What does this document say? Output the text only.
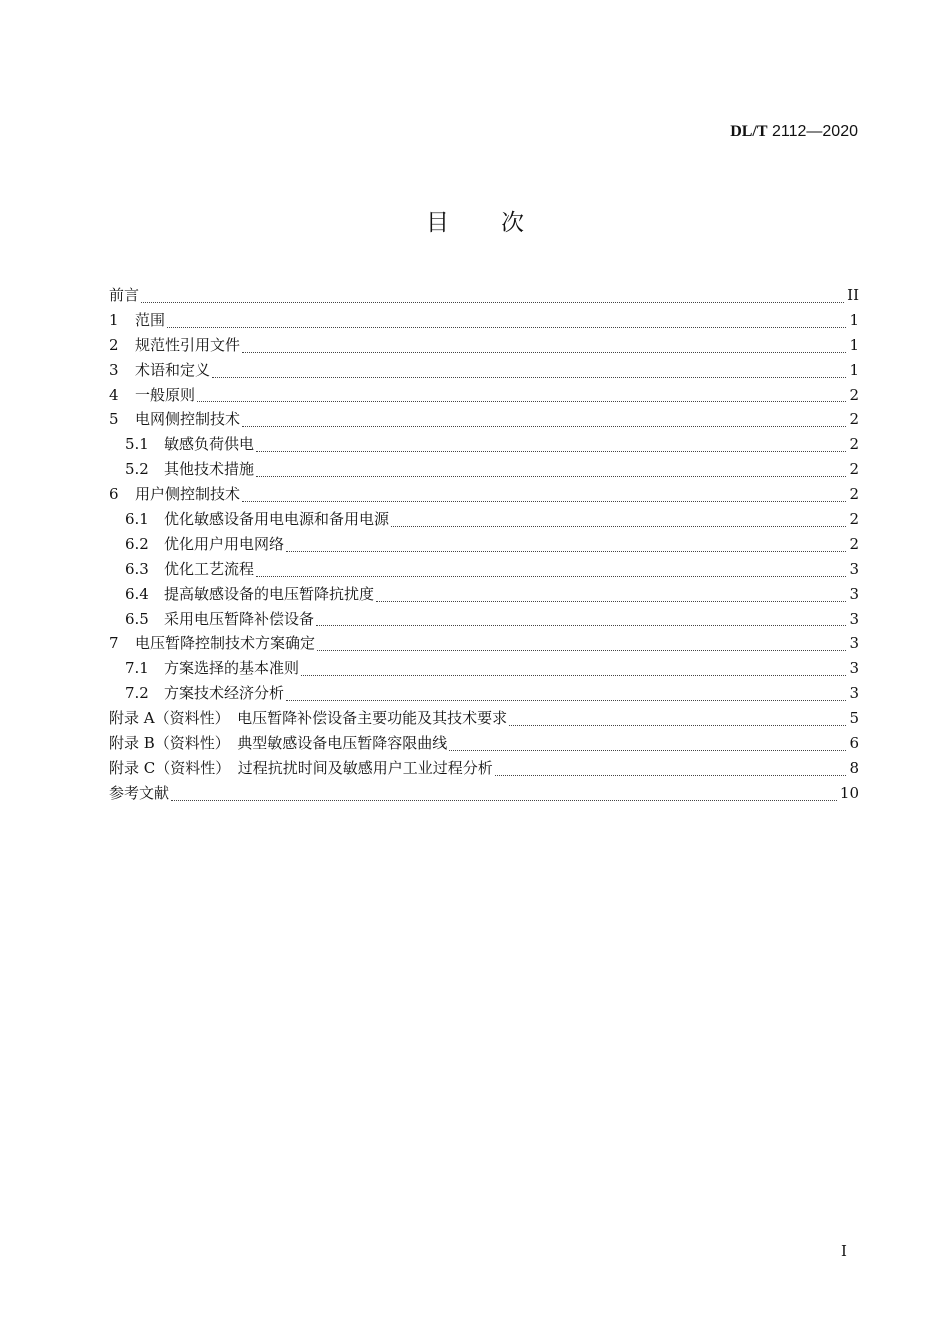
DL/T 2112—2020
目次
前言	II
1	范围	1
2	规范性引用文件	1
3	术语和定义	1
4	一般原则	2
5	电网侧控制技术	2
5.1	敏感负荷供电	2
5.2	其他技术措施	2
6	用户侧控制技术	2
6.1	优化敏感设备用电电源和备用电源	2
6.2	优化用户用电网络	2
6.3	优化工艺流程	3
6.4	提高敏感设备的电压暂降抗扰度	3
6.5	采用电压暂降补偿设备	3
7	电压暂降控制技术方案确定	3
7.1	方案选择的基本准则	3
7.2	方案技术经济分析	3
附录 A（资料性）　电压暂降补偿设备主要功能及其技术要求	5
附录 B（资料性）　典型敏感设备电压暂降容限曲线	6
附录 C（资料性）　过程抗扰时间及敏感用户工业过程分析	8
参考文献	10
I
